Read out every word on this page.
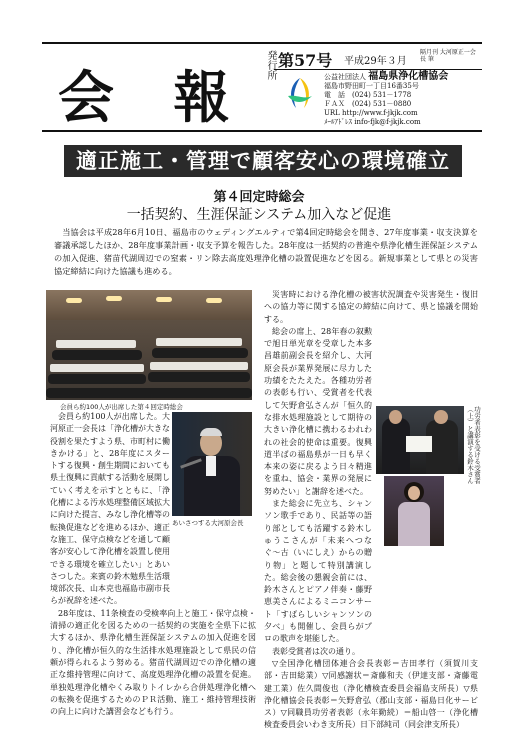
会 報	発行所 第57号 平成29年３月
隔月刊 大河原正一会長 筆
公益社団法人 福島県浄化槽協会
福島市野田町一丁目16番35号
電　話　(024) 531－1778
ＦＡＸ　(024) 531－0880
URL http://www.f-jkjk.com
ﾒｰﾙｱﾄﾞﾚｽ info-fjk@f-jkjk.com
適正施工・管理で顧客安心の環境確立
第４回定時総会
一括契約、生涯保証システム加入など促進

当協会は平成28年6月10日、福島市のウェディングエルティで第4回定時総会を開き、27年度事業・収支決算を審議承認したほか、28年度事業計画・収支予算を報告した。28年度は一括契約の普進や県浄化槽生涯保証システムの加入促進、猪苗代湖周辺での窒素・リン除去高度処理浄化槽の設置促進などを図る。新規事業として県との災害協定締結に向けた協議も進める。

会員ら約100人が出席した第４回定時総会
あいさつする大河原会長

会員ら約100人が出席した。大河原正一会長は「浄化槽が大きな役割を果たすよう県、市町村に働きかける」と、28年度にスタートする復興・創生期間においても県土復興に貢献する活動を展開していく考えを示すとともに、「浄化槽による汚水処理整備区域拡大に向けた提言、みなし浄化槽等の転換促進などを進めるほか、適正な施工、保守点検などを通して顧客が安心して浄化槽を設置し使用できる環境を確立したい」とあいさつした。来賓の鈴木勉県生活環境部次長、山本克也福島市副市長らが祝辞を述べた。

28年度は、11条検査の受検率向上と施工・保守点検・清掃の適正化を図るための一括契約の実施を全県下に拡大するほか、県浄化槽生涯保証システムの加入促進を図り、浄化槽が恒久的な生活排水処理施設として県民の信頼が得られるよう努める。猪苗代湖周辺での浄化槽の適正な維持管理に向けて、高度処理浄化槽の設置を促進。単独処理浄化槽やくみ取りトイレから合併処理浄化槽への転換を促進するためのＰＲ活動、施工・維持管理技術の向上に向けた講習会なども行う。

災害時における浄化槽の被害状況調査や災害発生・復旧への協力等に関する協定の締結に向けて、県と協議を開始する。

総会の席上、28年春の叙勲で旭日単光章を受章した本多昌雄前副会長を紹介し、大河原会長が業界発展に尽力した功績をたたえた。各種功労者の表彰も行い、受賞者を代表して矢野倉弘さんが「恒久的な排水処理施設として期待の大きい浄化槽に携わるわれわれの社会的使命は重要。復興道半ばの福島県が一日も早く本来の姿に戻るよう日々精進を重ね、協会・業界の発展に努めたい」と謝辞を述べた。

また総会に先立ち、シャンソン歌手であり、民話等の語り部としても活躍する鈴木しゅうこさんが「未来へつなぐ〜古（いにしえ）からの贈り物」と題して特別講演した。総会後の懇親会前には、鈴木さんとピアノ伴奏・藤野恵美さんによるミニコンサート「すばらしいシャンソンの夕べ」も開催し、会員らがプロの歌声を堪能した。

表彰受賞者は次の通り。

▽全国浄化槽団体連合会長表彰＝吉田孝行（須賀川支部・吉田総業）▽同感謝状＝斎藤和夫（伊達支部・斎藤電建工業）佐久間俊也（浄化槽検査委員会福島支所長）▽県浄化槽協会長表彰＝矢野倉弘（郡山支部・福島日化サービス）▽同職員功労者表彰（永年勤続）＝船山啓一（浄化槽検査委員会いわき支所長）日下部純司（同会津支所長）

功労者表彰を受ける受賞者（上）と講演する鈴木さん
